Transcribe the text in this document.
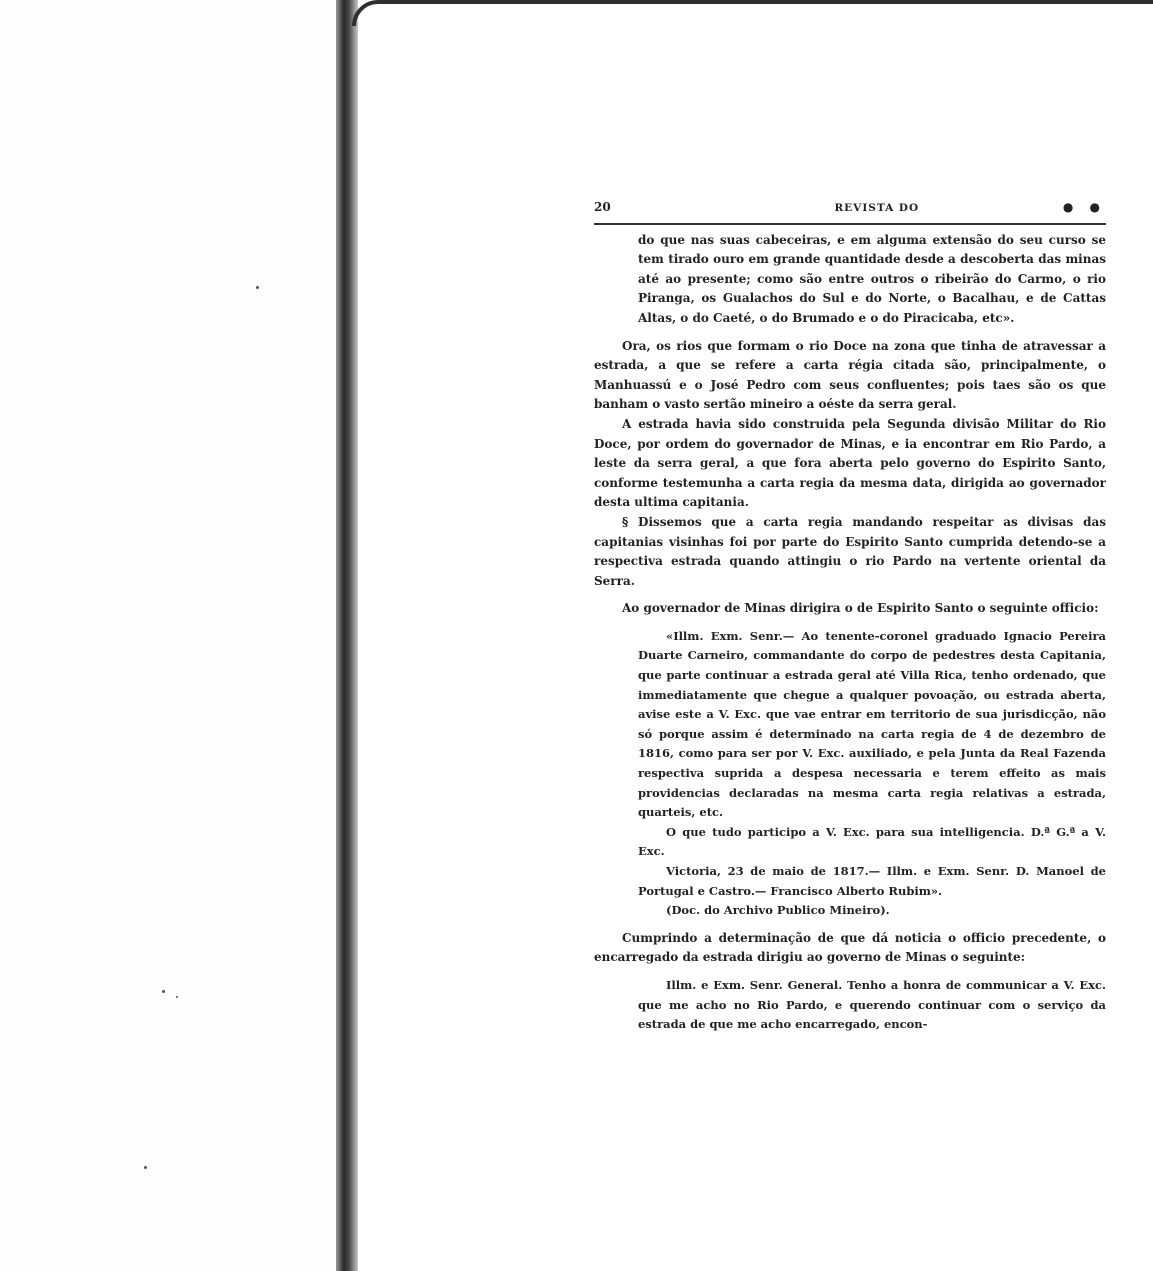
20	REVISTA DO	● ●

do que nas suas cabeceiras, e em alguma extensão do seu curso se tem tirado ouro em grande quantidade desde a descoberta das minas até ao presente; como são entre outros o ribeirão do Carmo, o rio Piranga, os Gualachos do Sul e do Norte, o Bacalhau, e de Cattas Altas, o do Caeté, o do Brumado e o do Piracicaba, etc».

Ora, os rios que formam o rio Doce na zona que tinha de atravessar a estrada, a que se refere a carta régia citada são, principalmente, o Manhuassú e o José Pedro com seus confluentes; pois taes são os que banham o vasto sertão mineiro a oéste da serra geral.

A estrada havia sido construida pela Segunda divisão Militar do Rio Doce, por ordem do governador de Minas, e ia encontrar em Rio Pardo, a leste da serra geral, a que fora aberta pelo governo do Espirito Santo, conforme testemunha a carta regia da mesma data, dirigida ao governador desta ultima capitania.

§ Dissemos que a carta regia mandando respeitar as divisas das capitanias visinhas foi por parte do Espirito Santo cumprida detendo-se a respectiva estrada quando attingiu o rio Pardo na vertente oriental da Serra.

Ao governador de Minas dirigira o de Espirito Santo o seguinte officio:

«Illm. Exm. Senr.— Ao tenente-coronel graduado Ignacio Pereira Duarte Carneiro, commandante do corpo de pedestres desta Capitania, que parte continuar a estrada geral até Villa Rica, tenho ordenado, que immediatamente que chegue a qualquer povoação, ou estrada aberta, avise este a V. Exc. que vae entrar em territorio de sua jurisdicção, não só porque assim é determinado na carta regia de 4 de dezembro de 1816, como para ser por V. Exc. auxiliado, e pela Junta da Real Fazenda respectiva suprida a despesa necessaria e terem effeito as mais providencias declaradas na mesma carta regia relativas a estrada, quarteis, etc.

O que tudo participo a V. Exc. para sua intelligencia. D.ª G.ª a V. Exc.

Victoria, 23 de maio de 1817.— Illm. e Exm. Senr. D. Manoel de Portugal e Castro.— Francisco Alberto Rubim».

(Doc. do Archivo Publico Mineiro).

Cumprindo a determinação de que dá noticia o officio precedente, o encarregado da estrada dirigiu ao governo de Minas o seguinte:

Illm. e Exm. Senr. General. Tenho a honra de communicar a V. Exc. que me acho no Rio Pardo, e querendo continuar com o serviço da estrada de que me acho encarregado, encon-
